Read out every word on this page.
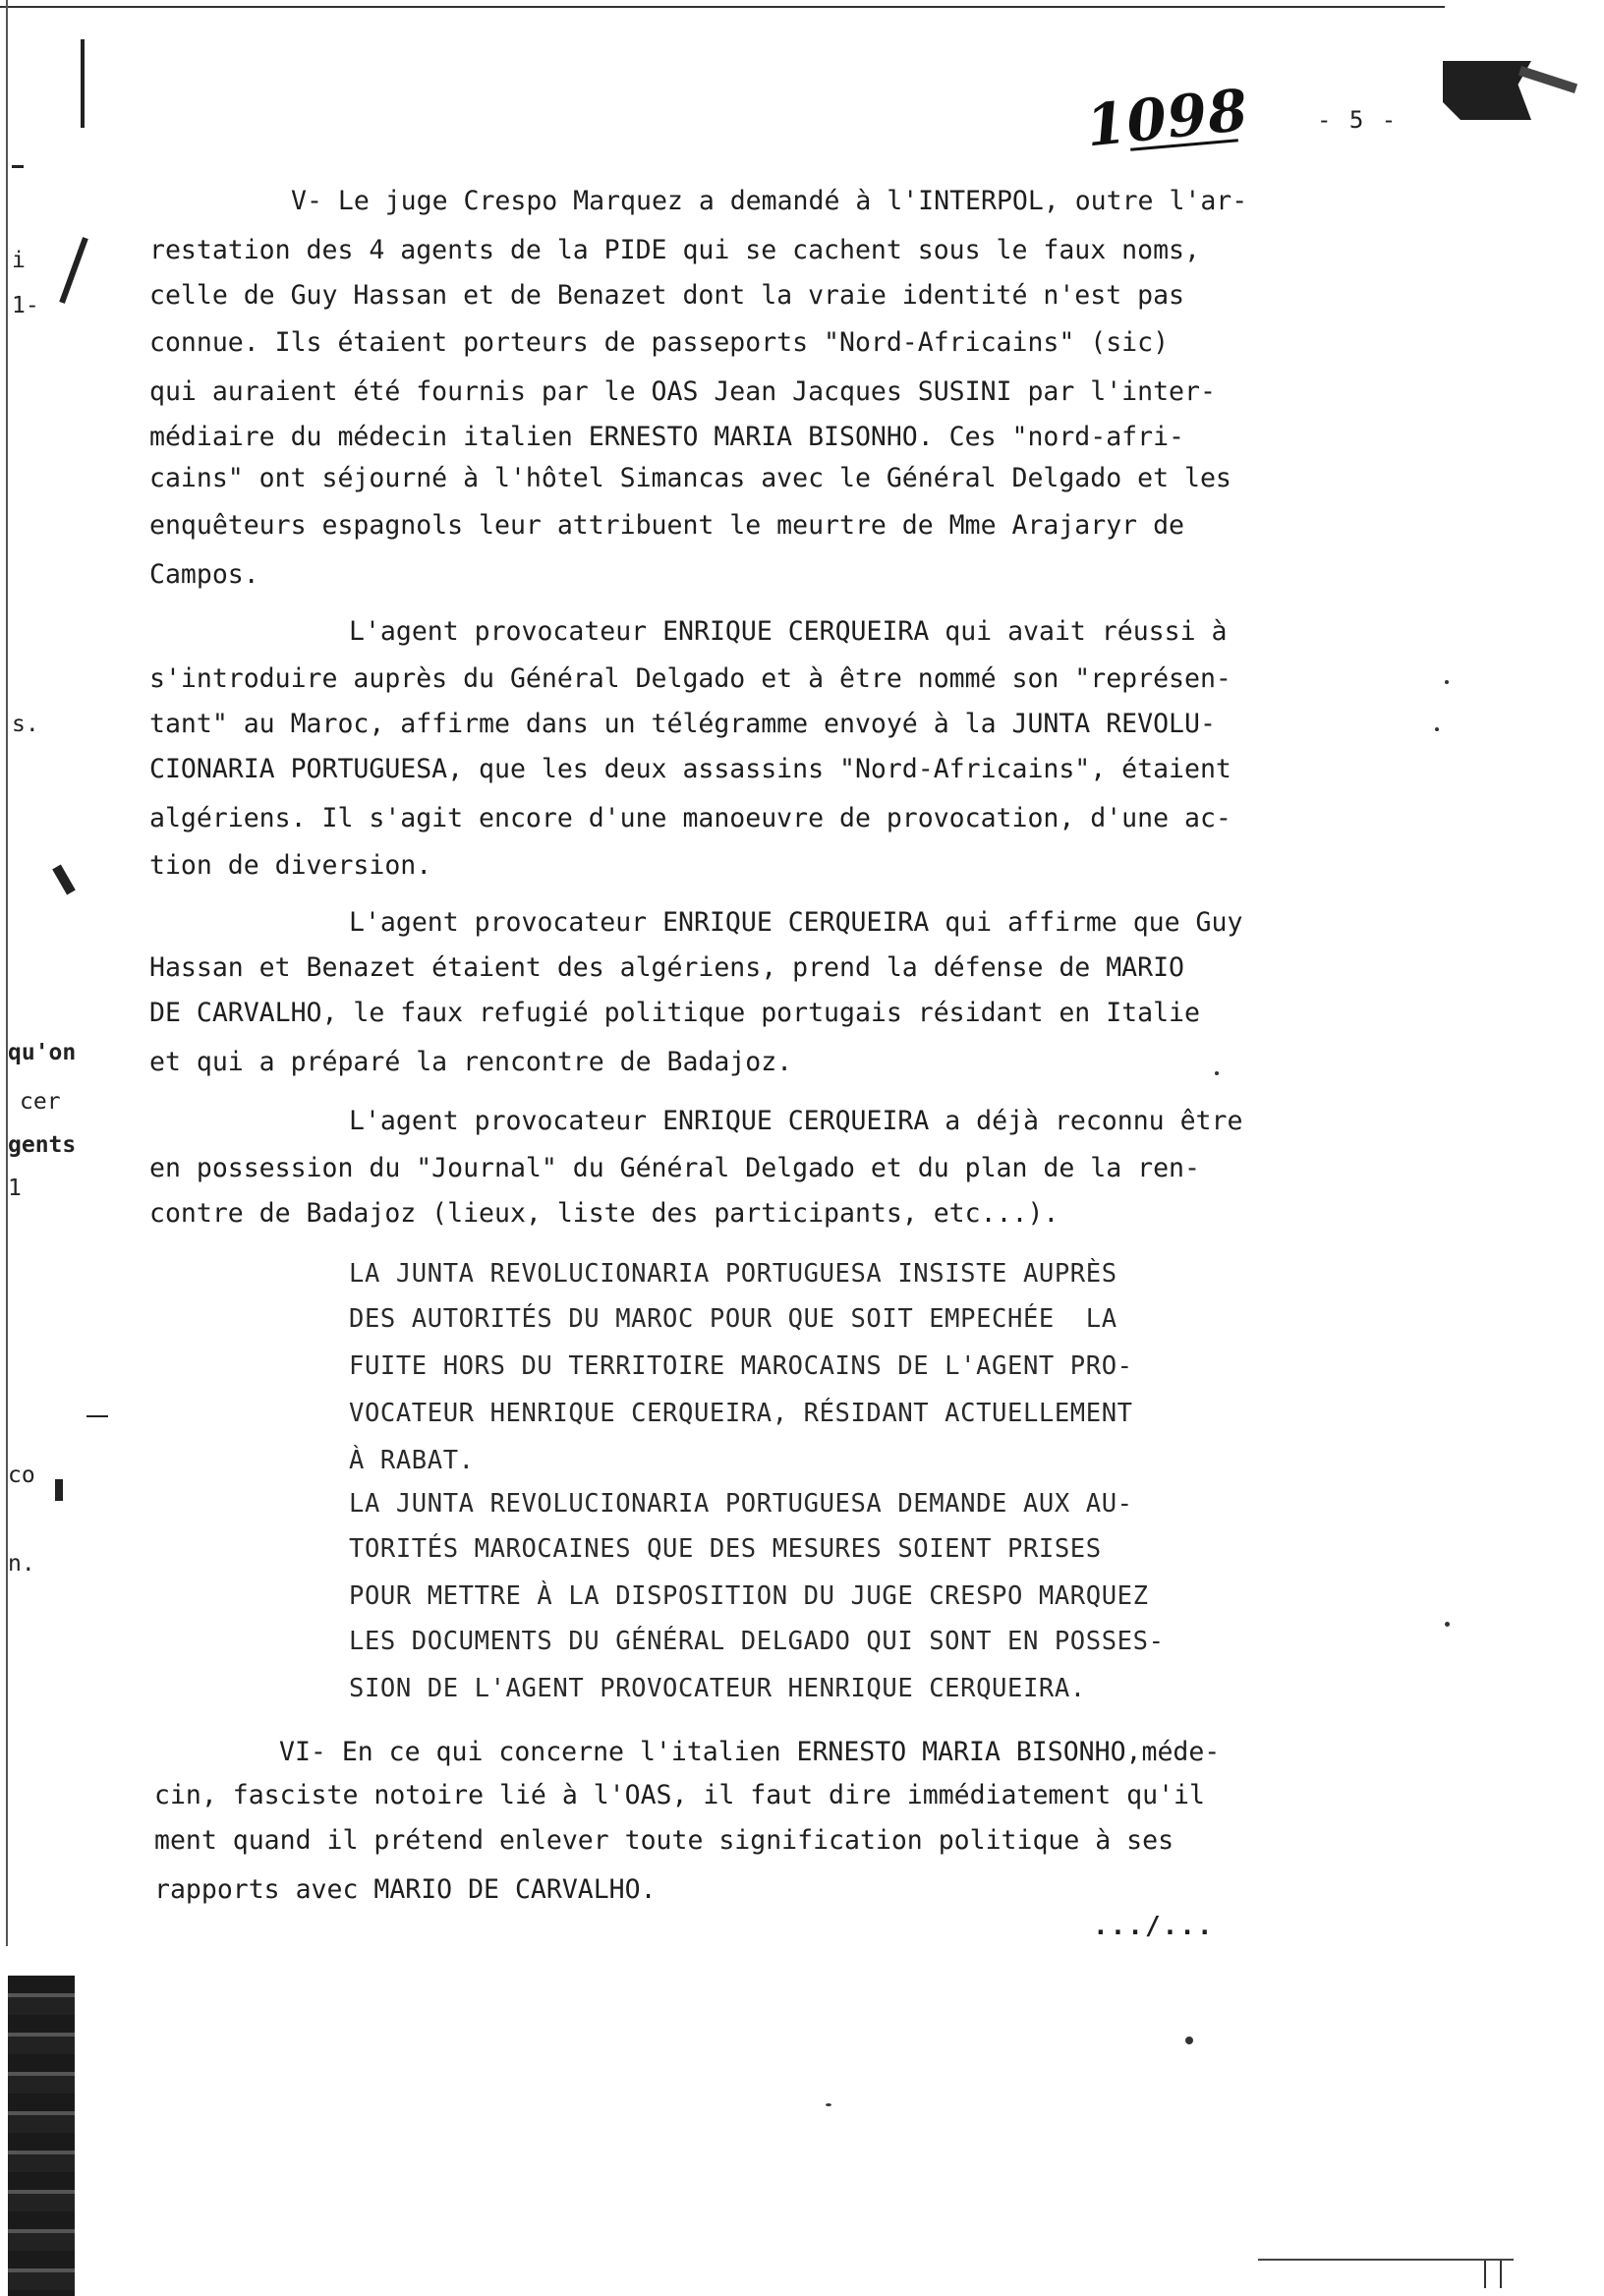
i
1-
s.
qu'on
cer
gents
1
co
n.
1098	- 5 -
V- Le juge Crespo Marquez a demandé à l'INTERPOL, outre l'ar-
restation des 4 agents de la PIDE qui se cachent sous le faux noms,
celle de Guy Hassan et de Benazet dont la vraie identité n'est pas
connue. Ils étaient porteurs de passeports "Nord-Africains" (sic)
qui auraient été fournis par le OAS Jean Jacques SUSINI par l'inter-
médiaire du médecin italien ERNESTO MARIA BISONHO. Ces "nord-afri-
cains" ont séjourné à l'hôtel Simancas avec le Général Delgado et les
enquêteurs espagnols leur attribuent le meurtre de Mme Arajaryr de
Campos.
L'agent provocateur ENRIQUE CERQUEIRA qui avait réussi à
s'introduire auprès du Général Delgado et à être nommé son "représen-
tant" au Maroc, affirme dans un télégramme envoyé à la JUNTA REVOLU-
CIONARIA PORTUGUESA, que les deux assassins "Nord-Africains", étaient
algériens. Il s'agit encore d'une manoeuvre de provocation, d'une ac-
tion de diversion.
L'agent provocateur ENRIQUE CERQUEIRA qui affirme que Guy
Hassan et Benazet étaient des algériens, prend la défense de MARIO
DE CARVALHO, le faux refugié politique portugais résidant en Italie
et qui a préparé la rencontre de Badajoz.
L'agent provocateur ENRIQUE CERQUEIRA a déjà reconnu être
en possession du "Journal" du Général Delgado et du plan de la ren-
contre de Badajoz (lieux, liste des participants, etc...).
LA JUNTA REVOLUCIONARIA PORTUGUESA INSISTE AUPRÈS
DES AUTORITÉS DU MAROC POUR QUE SOIT EMPECHÉE  LA
FUITE HORS DU TERRITOIRE MAROCAINS DE L'AGENT PRO-
VOCATEUR HENRIQUE CERQUEIRA, RÉSIDANT ACTUELLEMENT
À RABAT.
LA JUNTA REVOLUCIONARIA PORTUGUESA DEMANDE AUX AU-
TORITÉS MAROCAINES QUE DES MESURES SOIENT PRISES
POUR METTRE À LA DISPOSITION DU JUGE CRESPO MARQUEZ
LES DOCUMENTS DU GÉNÉRAL DELGADO QUI SONT EN POSSES-
SION DE L'AGENT PROVOCATEUR HENRIQUE CERQUEIRA.
VI- En ce qui concerne l'italien ERNESTO MARIA BISONHO,méde-
cin, fasciste notoire lié à l'OAS, il faut dire immédiatement qu'il
ment quand il prétend enlever toute signification politique à ses
rapports avec MARIO DE CARVALHO.
.../...
